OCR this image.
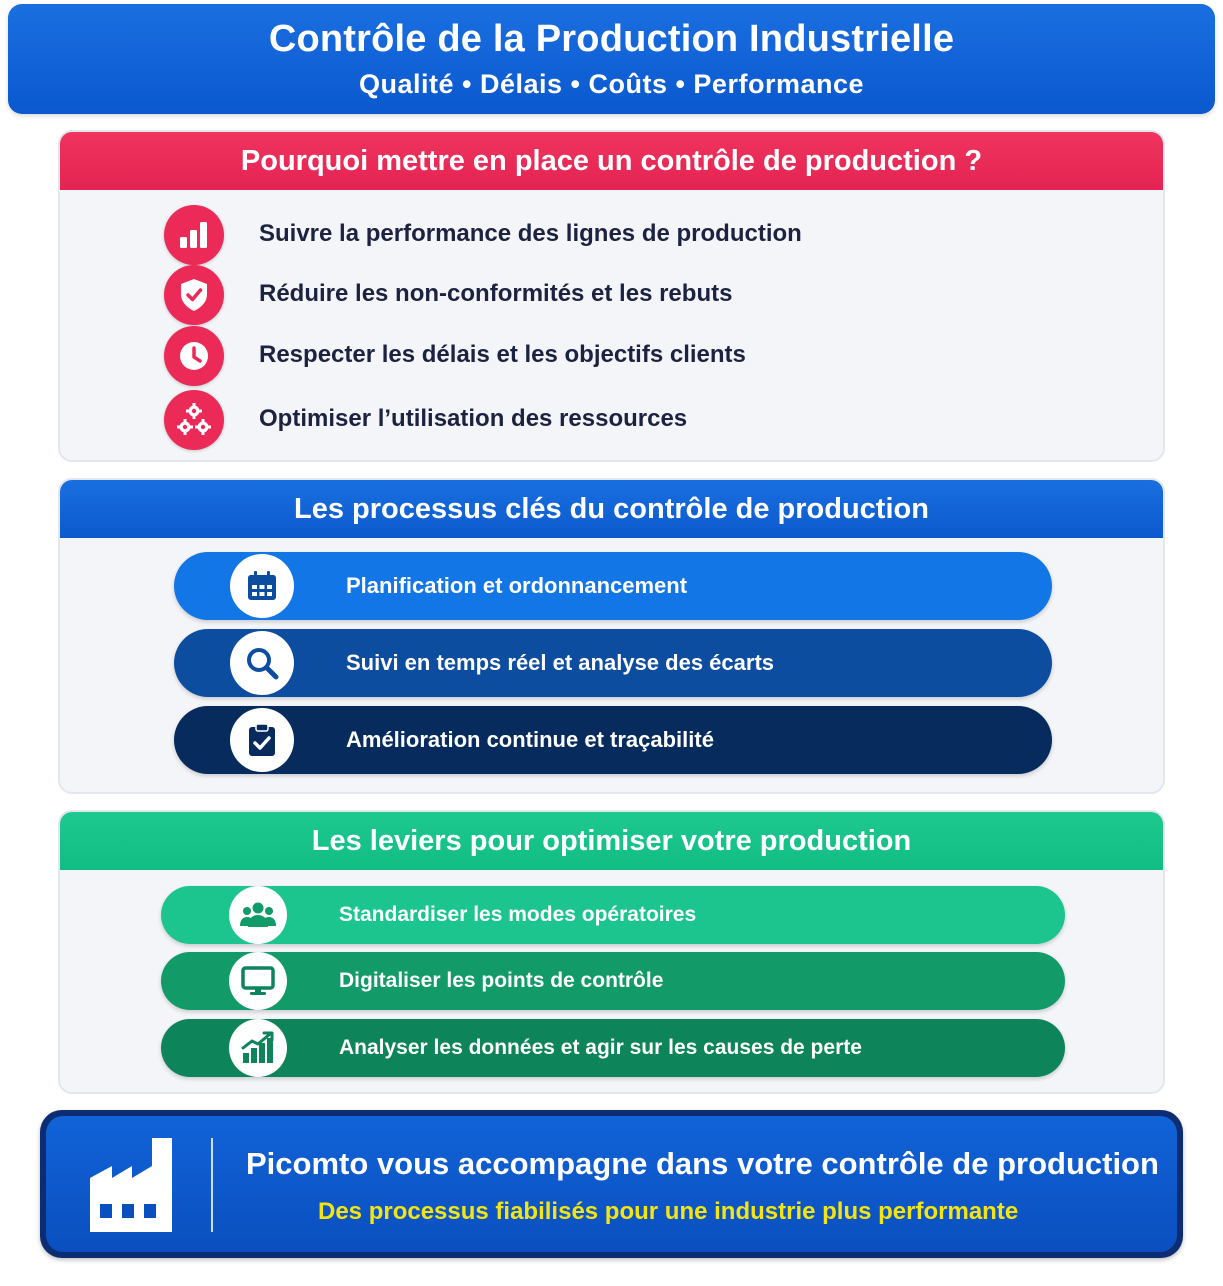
Contrôle de la Production Industrielle
Qualité • Délais • Coûts • Performance
Pourquoi mettre en place un contrôle de production ?
Suivre la performance des lignes de production
Réduire les non-conformités et les rebuts
Respecter les délais et les objectifs clients
Optimiser l’utilisation des ressources
Les processus clés du contrôle de production
Planification et ordonnancement
Suivi en temps réel et analyse des écarts
Amélioration continue et traçabilité
Les leviers pour optimiser votre production
Standardiser les modes opératoires
Digitaliser les points de contrôle
Analyser les données et agir sur les causes de perte
Picomto vous accompagne dans votre contrôle de production
Des processus fiabilisés pour une industrie plus performante
